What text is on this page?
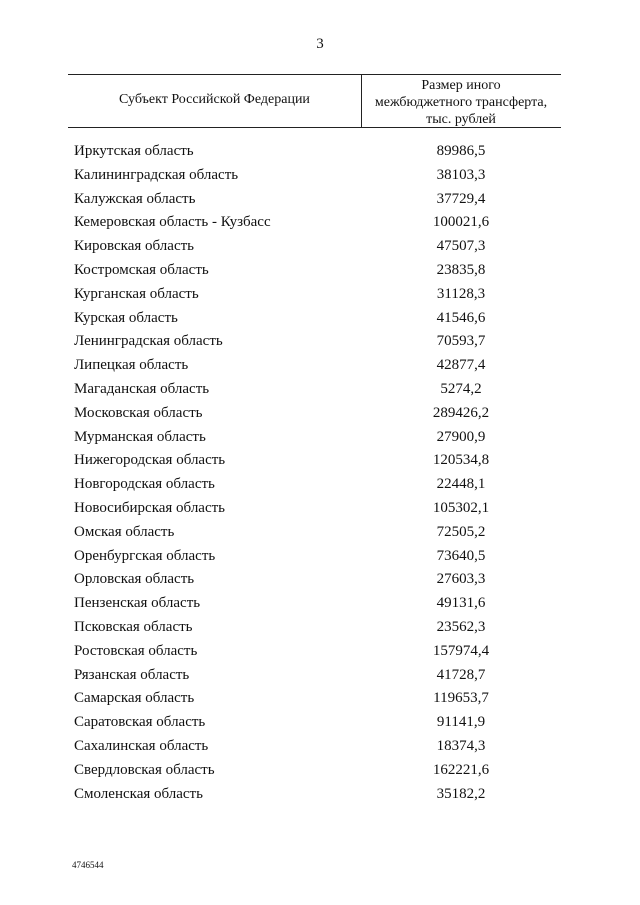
3
Субъект Российской Федерации
Размер иного
межбюджетного трансферта,
тыс. рублей
Иркутская область	89986,5
Калининградская область	38103,3
Калужская область	37729,4
Кемеровская область - Кузбасс	100021,6
Кировская область	47507,3
Костромская область	23835,8
Курганская область	31128,3
Курская область	41546,6
Ленинградская область	70593,7
Липецкая область	42877,4
Магаданская область	5274,2
Московская область	289426,2
Мурманская область	27900,9
Нижегородская область	120534,8
Новгородская область	22448,1
Новосибирская область	105302,1
Омская область	72505,2
Оренбургская область	73640,5
Орловская область	27603,3
Пензенская область	49131,6
Псковская область	23562,3
Ростовская область	157974,4
Рязанская область	41728,7
Самарская область	119653,7
Саратовская область	91141,9
Сахалинская область	18374,3
Свердловская область	162221,6
Смоленская область	35182,2
4746544
